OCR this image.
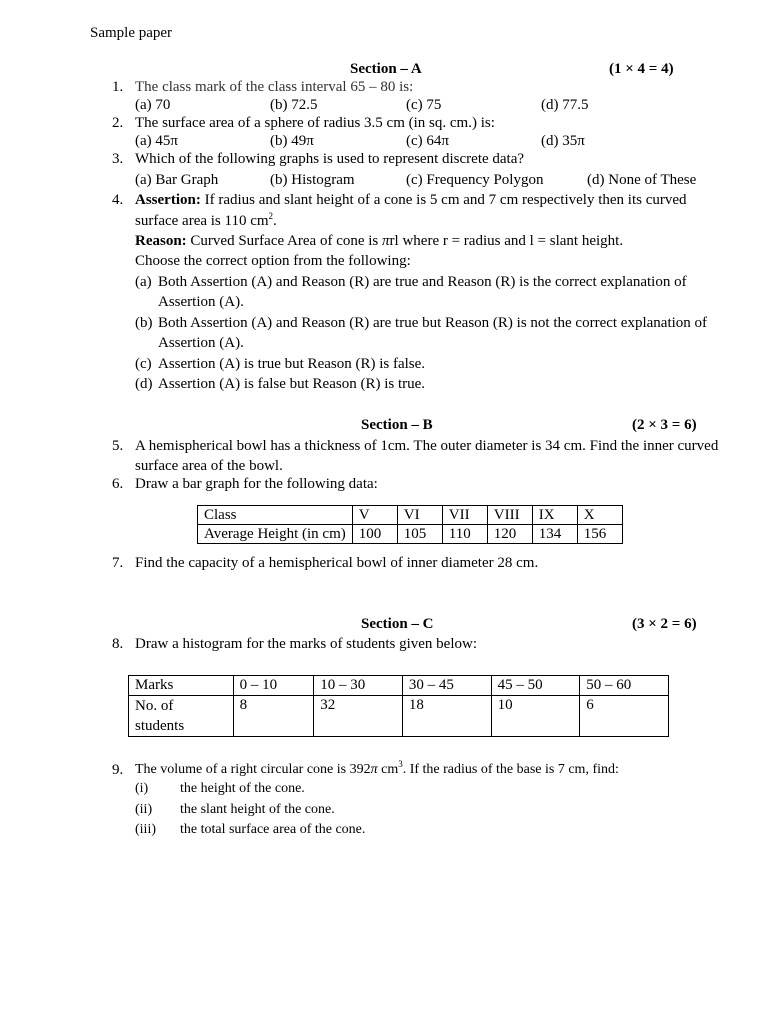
Sample paper
Section – A	(1 × 4 = 4)
1. The class mark of the class interval 65 – 80 is:
(a) 70	(b) 72.5	(c) 75	(d) 77.5
2. The surface area of a sphere of radius 3.5 cm (in sq. cm.) is:
(a) 45π	(b) 49π	(c) 64π	(d) 35π
3. Which of the following graphs is used to represent discrete data?
(a) Bar Graph	(b) Histogram	(c) Frequency Polygon	(d) None of These
4. Assertion: If radius and slant height of a cone is 5 cm and 7 cm respectively then its curved surface area is 110 $cm^2$.
Reason: Curved Surface Area of cone is πrl where r = radius and l = slant height.
Choose the correct option from the following:
(a) Both Assertion (A) and Reason (R) are true and Reason (R) is the correct explanation of
Assertion (A).
(b) Both Assertion (A) and Reason (R) are true but Reason (R) is not the correct explanation of
Assertion (A).
(c) Assertion (A) is true but Reason (R) is false.
(d) Assertion (A) is false but Reason (R) is true.
Section – B	(2 × 3 = 6)
5. A hemispherical bowl has a thickness of 1cm. The outer diameter is 34 cm. Find the inner curved
surface area of the bowl.
6. Draw a bar graph for the following data:
Class	V	VI	VII	VIII	IX	X
Average Height (in cm)	100	105	110	120	134	156
7. Find the capacity of a hemispherical bowl of inner diameter 28 cm.
Section – C	(3 × 2 = 6)
8. Draw a histogram for the marks of students given below:
Marks	0 – 10	10 – 30	30 – 45	45 – 50	50 – 60
No. of
students	8	32	18	10	6
9. The volume of a right circular cone is 392π $cm^3$. If the radius of the base is 7 cm, find:
(i) the height of the cone.
(ii) the slant height of the cone.
(iii) the total surface area of the cone.
